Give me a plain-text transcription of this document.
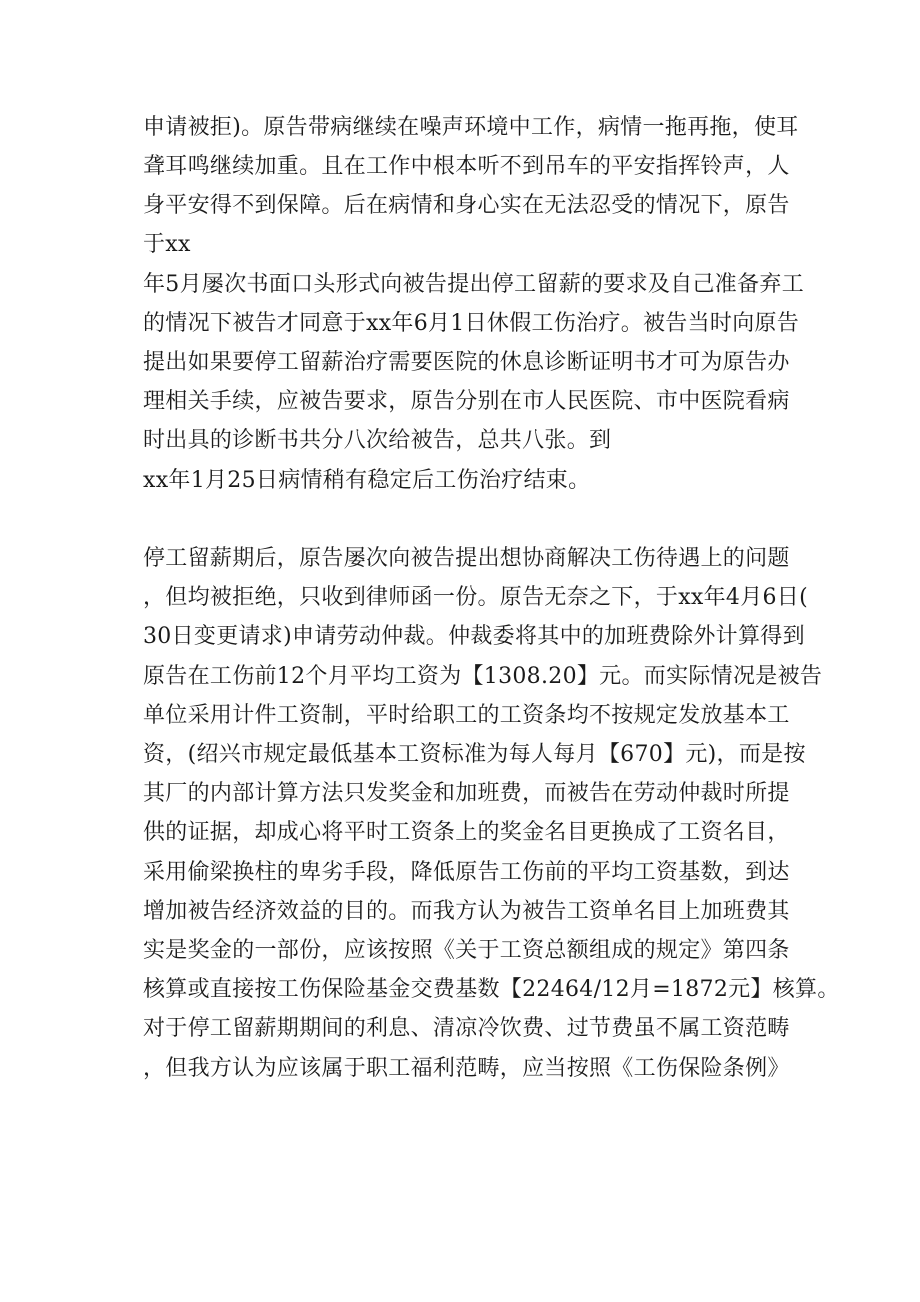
申请被拒)。原告带病继续在噪声环境中工作，病情一拖再拖，使耳
聋耳鸣继续加重。且在工作中根本听不到吊车的平安指挥铃声，人
身平安得不到保障。后在病情和身心实在无法忍受的情况下，原告
于xx
年5月屡次书面口头形式向被告提出停工留薪的要求及自己准备弃工
的情况下被告才同意于xx年6月1日休假工伤治疗。被告当时向原告
提出如果要停工留薪治疗需要医院的休息诊断证明书才可为原告办
理相关手续，应被告要求，原告分别在市人民医院、市中医院看病
时出具的诊断书共分八次给被告，总共八张。到
xx年1月25日病情稍有稳定后工伤治疗结束。
停工留薪期后，原告屡次向被告提出想协商解决工伤待遇上的问题
，但均被拒绝，只收到律师函一份。原告无奈之下，于xx年4月6日(
30日变更请求)申请劳动仲裁。仲裁委将其中的加班费除外计算得到
原告在工伤前12个月平均工资为【1308.20】元。而实际情况是被告
单位采用计件工资制，平时给职工的工资条均不按规定发放基本工
资，(绍兴市规定最低基本工资标准为每人每月【670】元)，而是按
其厂的内部计算方法只发奖金和加班费，而被告在劳动仲裁时所提
供的证据，却成心将平时工资条上的奖金名目更换成了工资名目，
采用偷梁换柱的卑劣手段，降低原告工伤前的平均工资基数，到达
增加被告经济效益的目的。而我方认为被告工资单名目上加班费其
实是奖金的一部份，应该按照《关于工资总额组成的规定》第四条
核算或直接按工伤保险基金交费基数【22464/12月=1872元】核算。
对于停工留薪期期间的利息、清凉冷饮费、过节费虽不属工资范畴
，但我方认为应该属于职工福利范畴，应当按照《工伤保险条例》
